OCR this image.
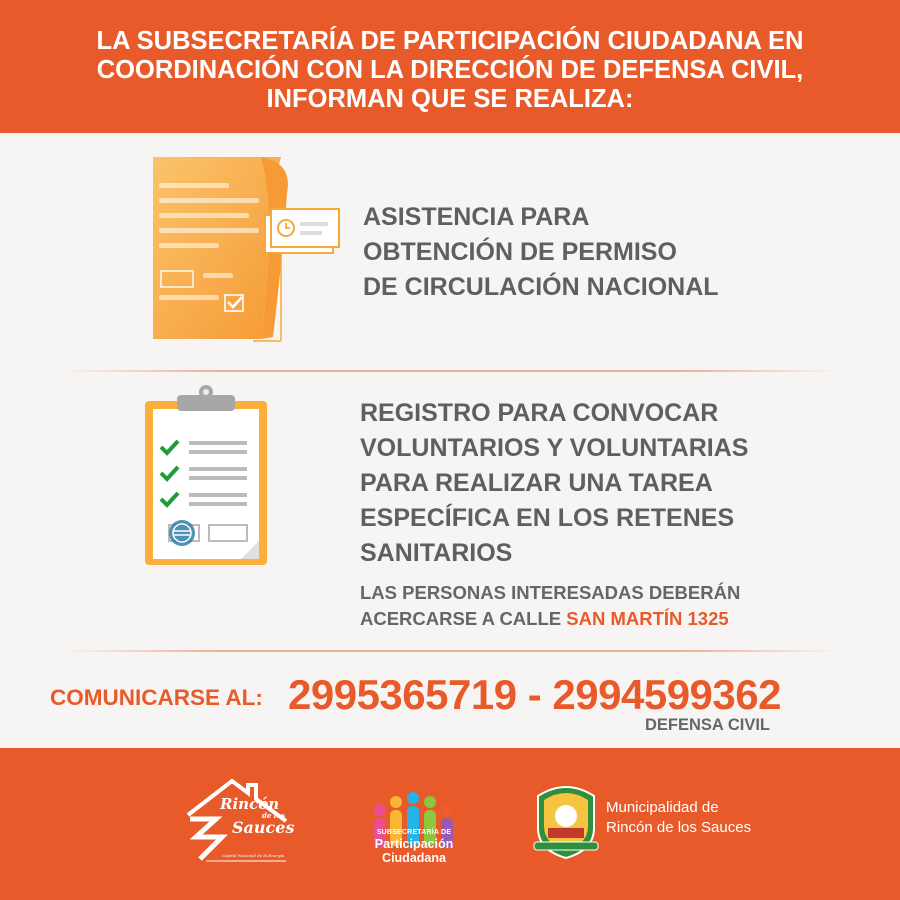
LA SUBSECRETARÍA DE PARTICIPACIÓN CIUDADANA EN
COORDINACIÓN CON LA DIRECCIÓN DE DEFENSA CIVIL,
INFORMAN QUE SE REALIZA:
ASISTENCIA PARA
OBTENCIÓN DE PERMISO
DE CIRCULACIÓN NACIONAL
REGISTRO PARA CONVOCAR
VOLUNTARIOS Y VOLUNTARIAS
PARA REALIZAR UNA TAREA
ESPECÍFICA EN LOS RETENES
SANITARIOS
LAS PERSONAS INTERESADAS DEBERÁN
ACERCARSE A CALLE SAN MARTÍN 1325
COMUNICARSE AL: 2995365719 - 2994599362
DEFENSA CIVIL
Rincón
de los
Sauces
Capital Nacional de la Energía
SUBSECRETARÍA DE
Participación
Ciudadana
Municipalidad de
Rincón de los Sauces
